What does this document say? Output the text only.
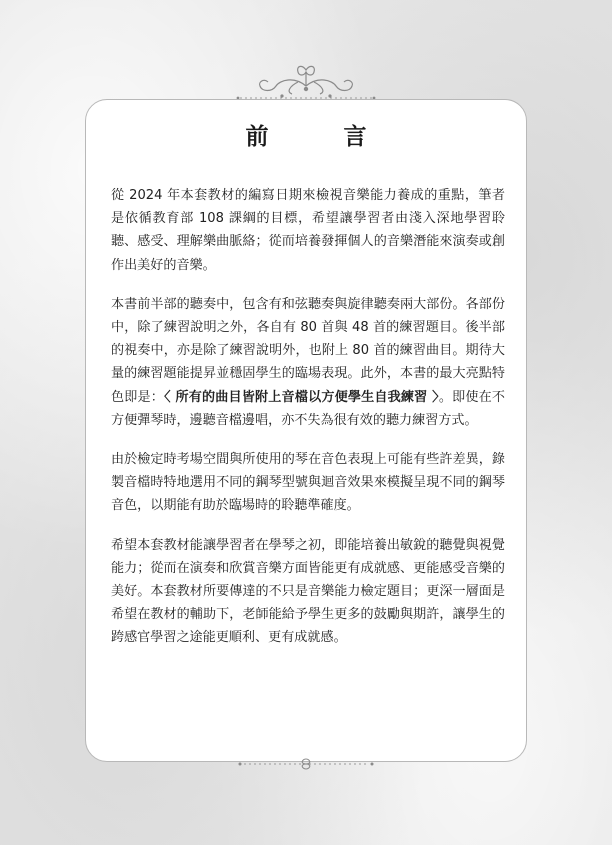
前　言

從 2024 年本套教材的編寫日期來檢視音樂能力養成的重點，筆者是依循教育部 108 課綱的目標，希望讓學習者由淺入深地學習聆聽、感受、理解樂曲脈絡；從而培養發揮個人的音樂潛能來演奏或創作出美好的音樂。

本書前半部的聽奏中，包含有和弦聽奏與旋律聽奏兩大部份。各部份中，除了練習說明之外，各自有 80 首與 48 首的練習題目。後半部的視奏中，亦是除了練習說明外，也附上 80 首的練習曲目。期待大量的練習題能提昇並穩固學生的臨場表現。此外，本書的最大亮點特色即是：〈 所有的曲目皆附上音檔以方便學生自我練習 〉。即使在不方便彈琴時，邊聽音檔邊唱，亦不失為很有效的聽力練習方式。

由於檢定時考場空間與所使用的琴在音色表現上可能有些許差異，錄製音檔時特地選用不同的鋼琴型號與迴音效果來模擬呈現不同的鋼琴音色，以期能有助於臨場時的聆聽準確度。

希望本套教材能讓學習者在學琴之初，即能培養出敏銳的聽覺與視覺能力；從而在演奏和欣賞音樂方面皆能更有成就感、更能感受音樂的美好。本套教材所要傳達的不只是音樂能力檢定題目；更深一層面是希望在教材的輔助下，老師能給予學生更多的鼓勵與期許，讓學生的跨感官學習之途能更順利、更有成就感。
